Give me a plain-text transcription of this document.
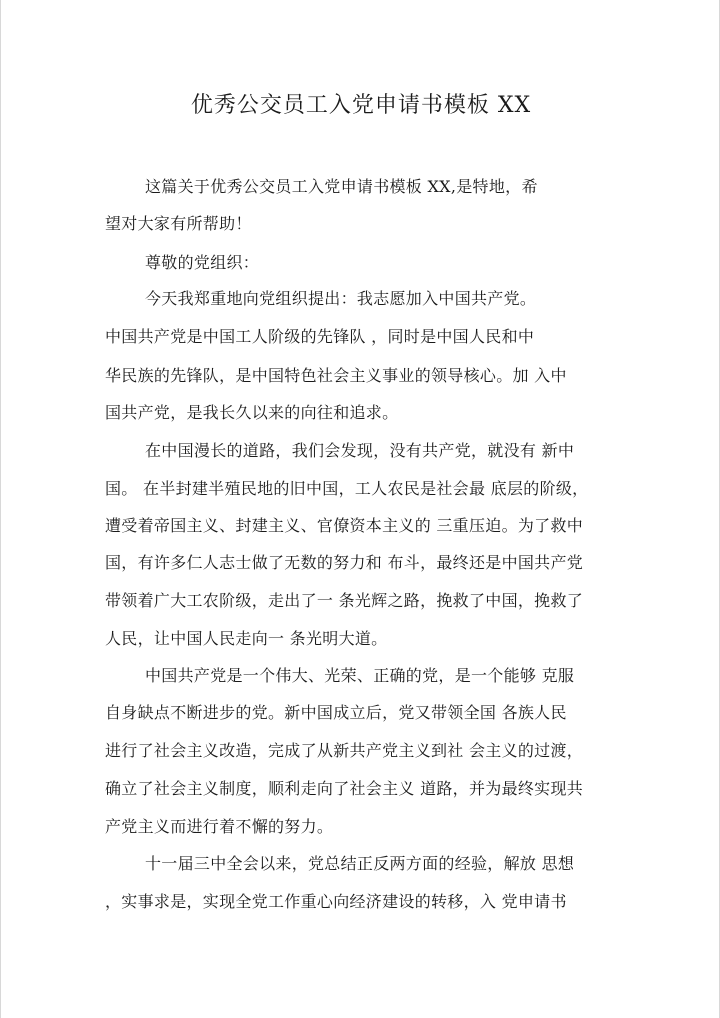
优秀公交员工入党申请书模板 XX
这篇关于优秀公交员工入党申请书模板 XX,是特地，希
望对大家有所帮助！
尊敬的党组织：
今天我郑重地向党组织提出：我志愿加入中国共产党。
中国共产党是中国工人阶级的先锋队 ，同时是中国人民和中
华民族的先锋队，是中国特色社会主义事业的领导核心。加 入中
国共产党，是我长久以来的向往和追求。
在中国漫长的道路，我们会发现，没有共产党，就没有 新中
国。 在半封建半殖民地的旧中国，工人农民是社会最 底层的阶级，
遭受着帝国主义、封建主义、官僚资本主义的 三重压迫。为了救中
国，有许多仁人志士做了无数的努力和 布斗，最终还是中国共产党
带领着广大工农阶级，走出了一 条光辉之路，挽救了中国，挽救了
人民，让中国人民走向一 条光明大道。
中国共产党是一个伟大、光荣、正确的党，是一个能够 克服
自身缺点不断进步的党。新中国成立后，党又带领全国 各族人民
进行了社会主义改造，完成了从新共产党主义到社 会主义的过渡，
确立了社会主义制度，顺利走向了社会主义 道路，并为最终实现共
产党主义而进行着不懈的努力。
十一届三中全会以来，党总结正反两方面的经验，解放 思想
，实事求是，实现全党工作重心向经济建设的转移，入 党申请书
